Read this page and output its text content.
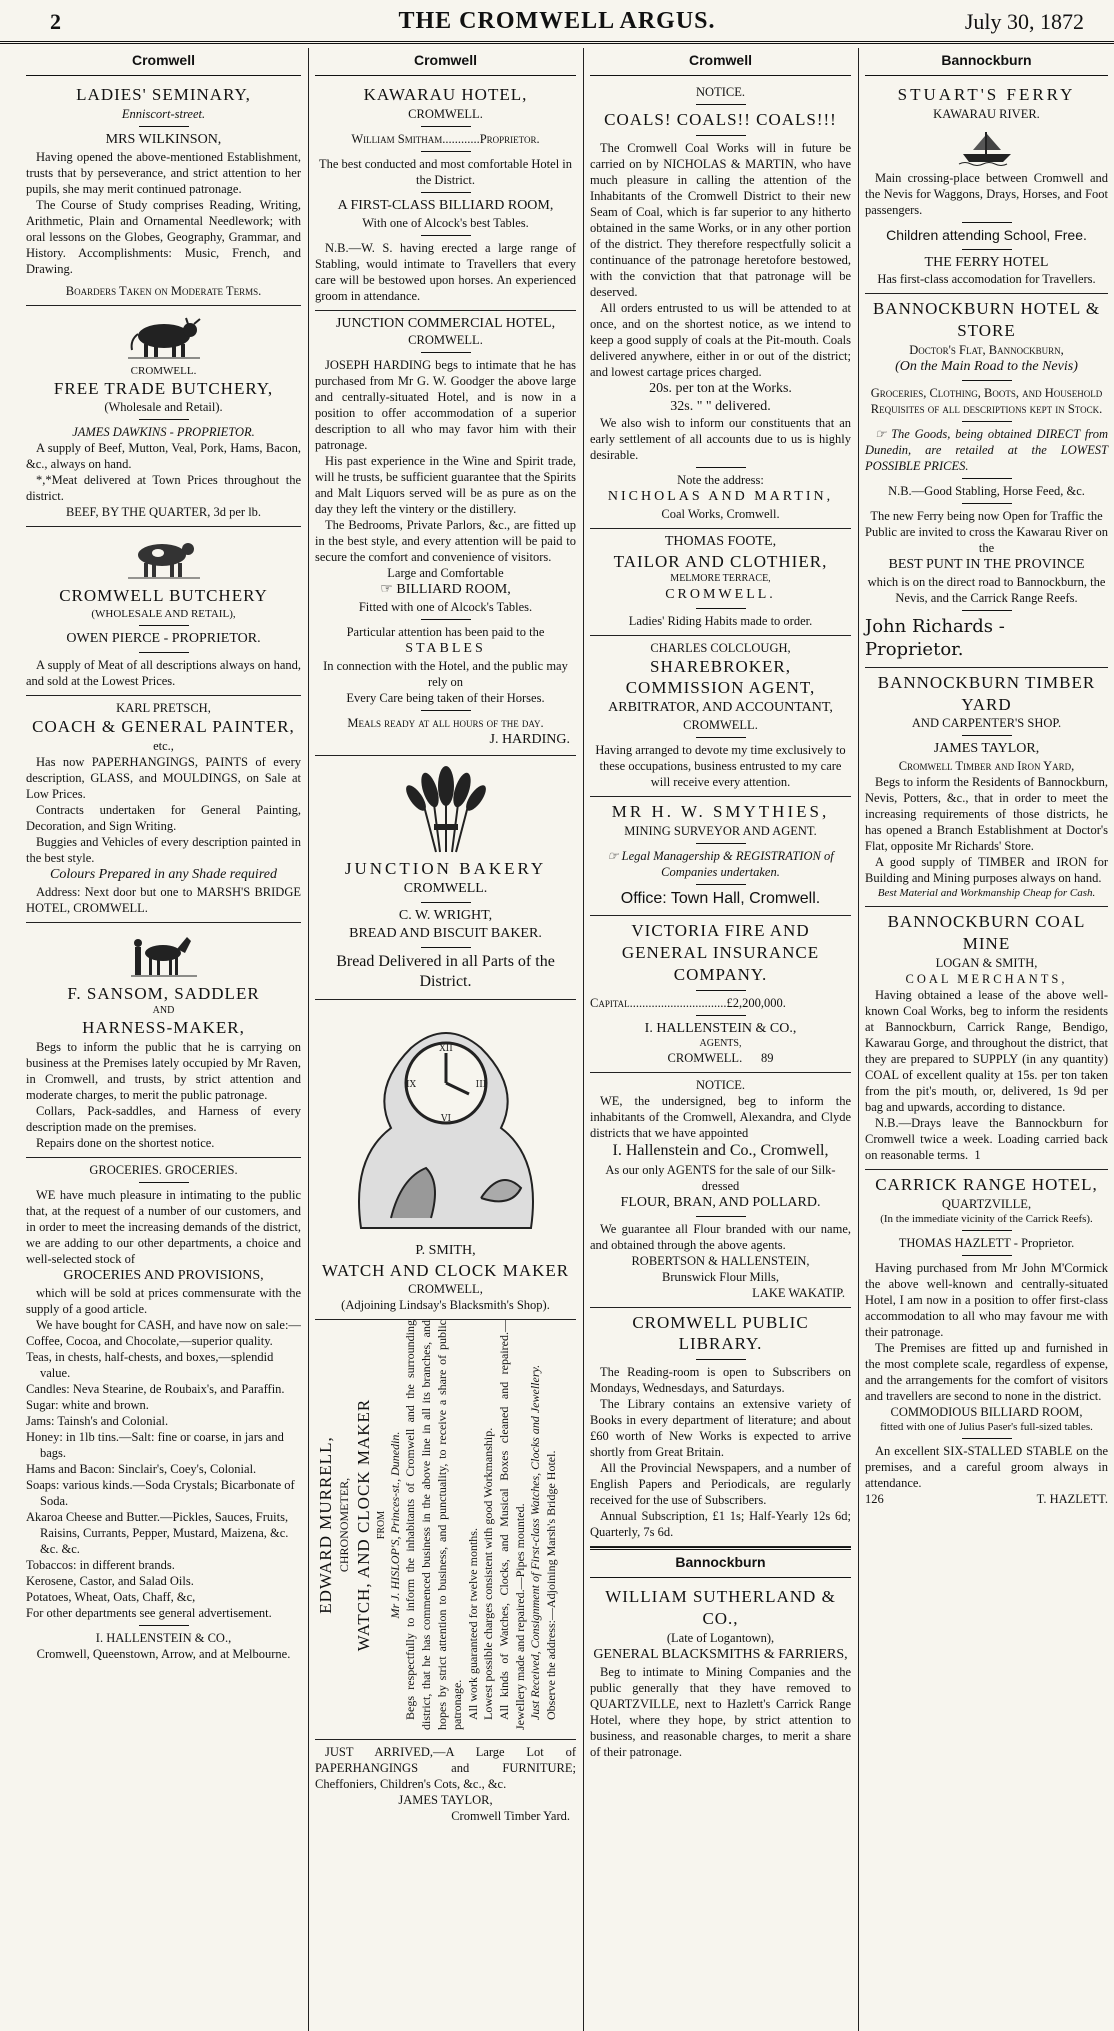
2	THE CROMWELL ARGUS.	July 30, 1872
Cromwell
LADIES' SEMINARY,
Enniscort-street.
MRS WILKINSON,

Having opened the above-mentioned Establishment, trusts that by perseverance, and strict attention to her pupils, she may merit continued patronage.

The Course of Study comprises Reading, Writing, Arithmetic, Plain and Ornamental Needlework; with oral lessons on the Globes, Geography, Grammar, and History. Accomplishments: Music, French, and Drawing.

Boarders Taken on Moderate Terms.

CROMWELL.
FREE TRADE BUTCHERY,
(Wholesale and Retail).
JAMES DAWKINS - PROPRIETOR.

A supply of Beef, Mutton, Veal, Pork, Hams, Bacon, &c., always on hand.

*,*Meat delivered at Town Prices throughout the district.

BEEF, BY THE QUARTER, 3d per lb.

CROMWELL BUTCHERY
(WHOLESALE AND RETAIL),
OWEN PIERCE - PROPRIETOR.

A supply of Meat of all descriptions always on hand, and sold at the Lowest Prices.

KARL PRETSCH,
COACH & GENERAL PAINTER,
etc.,

Has now PAPERHANGINGS, PAINTS of every description, GLASS, and MOULDINGS, on Sale at Low Prices.

Contracts undertaken for General Painting, Decoration, and Sign Writing.

Buggies and Vehicles of every description painted in the best style.

Colours Prepared in any Shade required

Address: Next door but one to MARSH'S BRIDGE HOTEL, CROMWELL.

F. SANSOM, SADDLER
AND
HARNESS-MAKER,

Begs to inform the public that he is carrying on business at the Premises lately occupied by Mr Raven, in Cromwell, and trusts, by strict attention and moderate charges, to merit the public patronage.

Collars, Pack-saddles, and Harness of every description made on the premises.

Repairs done on the shortest notice.

GROCERIES. GROCERIES.

WE have much pleasure in intimating to the public that, at the request of a number of our customers, and in order to meet the increasing demands of the district, we are adding to our other departments, a choice and well-selected stock of

GROCERIES AND PROVISIONS,

which will be sold at prices commensurate with the supply of a good article.

We have bought for CASH, and have now on sale:—

Coffee, Cocoa, and Chocolate,—superior quality.
Teas, in chests, half-chests, and boxes,—splendid value.
Candles: Neva Stearine, de Roubaix's, and Paraffin.
Sugar: white and brown.
Jams: Tainsh's and Colonial.
Honey: in 1lb tins.—Salt: fine or coarse, in jars and bags.
Hams and Bacon: Sinclair's, Coey's, Colonial.
Soaps: various kinds.—Soda Crystals; Bicarbonate of Soda.
Akaroa Cheese and Butter.—Pickles, Sauces, Fruits, Raisins, Currants, Pepper, Mustard, Maizena, &c. &c. &c.
Tobaccos: in different brands.
Kerosene, Castor, and Salad Oils.
Potatoes, Wheat, Oats, Chaff, &c,

For other departments see general advertisement.

I. HALLENSTEIN & CO.,
Cromwell, Queenstown, Arrow, and at Melbourne.
Cromwell
KAWARAU HOTEL,
CROMWELL.
William Smitham............Proprietor.

The best conducted and most comfortable Hotel in the District.

A FIRST-CLASS BILLIARD ROOM,

With one of Alcock's best Tables.

N.B.—W. S. having erected a large range of Stabling, would intimate to Travellers that every care will be bestowed upon horses. An experienced groom in attendance.

JUNCTION COMMERCIAL HOTEL,
CROMWELL.

JOSEPH HARDING begs to intimate that he has purchased from Mr G. W. Goodger the above large and centrally-situated Hotel, and is now in a position to offer accommodation of a superior description to all who may favor him with their patronage.

His past experience in the Wine and Spirit trade, will he trusts, be sufficient guarantee that the Spirits and Malt Liquors served will be as pure as on the day they left the vintery or the distillery.

The Bedrooms, Private Parlors, &c., are fitted up in the best style, and every attention will be paid to secure the comfort and convenience of visitors.

Large and Comfortable

☞ BILLIARD ROOM,

Fitted with one of Alcock's Tables.

Particular attention has been paid to the

STABLES

In connection with the Hotel, and the public may rely on

Every Care being taken of their Horses.

Meals ready at all hours of the day.

J. HARDING.

JUNCTION BAKERY
CROMWELL.
C. W. WRIGHT,
BREAD AND BISCUIT BAKER.

Bread Delivered in all Parts of the District.

XII
III
VI
IX
P. SMITH,
WATCH AND CLOCK MAKER
CROMWELL,
(Adjoining Lindsay's Blacksmith's Shop).
EDWARD MURRELL, CHRONOMETER, WATCH, AND CLOCK MAKER FROM Mr J. HISLOP'S, Princes-st., Dunedin. Begs respectfully to inform the inhabitants of Cromwell and the surrounding district, that he has commenced business in the above line in all its branches, and hopes by strict attention to business, and punctuality, to receive a share of public patronage. All work guaranteed for twelve months. Lowest possible charges consistent with good Workmanship. All kinds of Watches, Clocks, and Musical Boxes cleaned and repaired.—Jewellery made and repaired.—Pipes mounted. Just Received, Consignment of First-class Watches, Clocks and Jewellery. Observe the address:—Adjoining Marsh's Bridge Hotel.

JUST ARRIVED,—A Large Lot of PAPERHANGINGS and FURNITURE; Cheffoniers, Children's Cots, &c., &c.

JAMES TAYLOR,
Cromwell Timber Yard.
Cromwell
NOTICE.
COALS! COALS!! COALS!!!

The Cromwell Coal Works will in future be carried on by NICHOLAS & MARTIN, who have much pleasure in calling the attention of the Inhabitants of the Cromwell District to their new Seam of Coal, which is far superior to any hitherto obtained in the same Works, or in any other portion of the district. They therefore respectfully solicit a continuance of the patronage heretofore bestowed, with the conviction that that patronage will be deserved.

All orders entrusted to us will be attended to at once, and on the shortest notice, as we intend to keep a good supply of coals at the Pit-mouth. Coals delivered anywhere, either in or out of the district; and lowest cartage prices charged.

20s. per ton at the Works.

32s. " " delivered.

We also wish to inform our constituents that an early settlement of all accounts due to us is highly desirable.

Note the address:

NICHOLAS AND MARTIN,
Coal Works, Cromwell.
THOMAS FOOTE,
TAILOR AND CLOTHIER,
MELMORE TERRACE,
CROMWELL.

Ladies' Riding Habits made to order.

CHARLES COLCLOUGH,
SHAREBROKER, COMMISSION AGENT,
ARBITRATOR, AND ACCOUNTANT,
CROMWELL.

Having arranged to devote my time exclusively to these occupations, business entrusted to my care will receive every attention.

MR H. W. SMYTHIES,
MINING SURVEYOR AND AGENT.

☞ Legal Managership & REGISTRATION of Companies undertaken.

Office: Town Hall, Cromwell.

VICTORIA FIRE AND GENERAL INSURANCE COMPANY.

Capital...............................£2,200,000.

I. HALLENSTEIN & CO.,
AGENTS,
CROMWELL. 89
NOTICE.

WE, the undersigned, beg to inform the inhabitants of the Cromwell, Alexandra, and Clyde districts that we have appointed

I. Hallenstein and Co., Cromwell,

As our only AGENTS for the sale of our Silk-dressed

FLOUR, BRAN, AND POLLARD.

We guarantee all Flour branded with our name, and obtained through the above agents.

ROBERTSON & HALLENSTEIN,
Brunswick Flour Mills,
LAKE WAKATIP.
CROMWELL PUBLIC LIBRARY.

The Reading-room is open to Subscribers on Mondays, Wednesdays, and Saturdays.

The Library contains an extensive variety of Books in every department of literature; and about £60 worth of New Works is expected to arrive shortly from Great Britain.

All the Provincial Newspapers, and a number of English Papers and Periodicals, are regularly received for the use of Subscribers.

Annual Subscription, £1 1s; Half-Yearly 12s 6d; Quarterly, 7s 6d.

Bannockburn
WILLIAM SUTHERLAND & CO.,
(Late of Logantown),
GENERAL BLACKSMITHS & FARRIERS,

Beg to intimate to Mining Companies and the public generally that they have removed to QUARTZVILLE, next to Hazlett's Carrick Range Hotel, where they hope, by strict attention to business, and reasonable charges, to merit a share of their patronage.

Bannockburn
STUART'S FERRY
KAWARAU RIVER.

Main crossing-place between Cromwell and the Nevis for Waggons, Drays, Horses, and Foot passengers.

Children attending School, Free.

THE FERRY HOTEL

Has first-class accomodation for Travellers.

BANNOCKBURN HOTEL & STORE
Doctor's Flat, Bannockburn,
(On the Main Road to the Nevis)

Groceries, Clothing, Boots, and Household Requisites of all descriptions kept in Stock.

☞ The Goods, being obtained DIRECT from Dunedin, are retailed at the LOWEST POSSIBLE PRICES.

N.B.—Good Stabling, Horse Feed, &c.

The new Ferry being now Open for Traffic the Public are invited to cross the Kawarau River on the

BEST PUNT IN THE PROVINCE

which is on the direct road to Bannockburn, the Nevis, and the Carrick Range Reefs.

John Richards - Proprietor.

BANNOCKBURN TIMBER YARD
AND CARPENTER'S SHOP.
JAMES TAYLOR,
Cromwell Timber and Iron Yard,

Begs to inform the Residents of Bannockburn, Nevis, Potters, &c., that in order to meet the increasing requirements of those districts, he has opened a Branch Establishment at Doctor's Flat, opposite Mr Richards' Store.

A good supply of TIMBER and IRON for Building and Mining purposes always on hand.

Best Material and Workmanship Cheap for Cash.

BANNOCKBURN COAL MINE
LOGAN & SMITH,
COAL MERCHANTS,

Having obtained a lease of the above well-known Coal Works, beg to inform the residents at Bannockburn, Carrick Range, Bendigo, Kawarau Gorge, and throughout the district, that they are prepared to SUPPLY (in any quantity) COAL of excellent quality at 15s. per ton taken from the pit's mouth, or, delivered, 1s 9d per bag and upwards, according to distance.

N.B.—Drays leave the Bannockburn for Cromwell twice a week. Loading carried back on reasonable terms. 1

CARRICK RANGE HOTEL,
QUARTZVILLE,
(In the immediate vicinity of the Carrick Reefs).
THOMAS HAZLETT - Proprietor.

Having purchased from Mr John M'Cormick the above well-known and centrally-situated Hotel, I am now in a position to offer first-class accommodation to all who may favour me with their patronage.

The Premises are fitted up and furnished in the most complete scale, regardless of expense, and the arrangements for the comfort of visitors and travellers are second to none in the district.

COMMODIOUS BILLIARD ROOM,

fitted with one of Julius Paser's full-sized tables.

An excellent SIX-STALLED STABLE on the premises, and a careful groom always in attendance.

126	T. HAZLETT.
